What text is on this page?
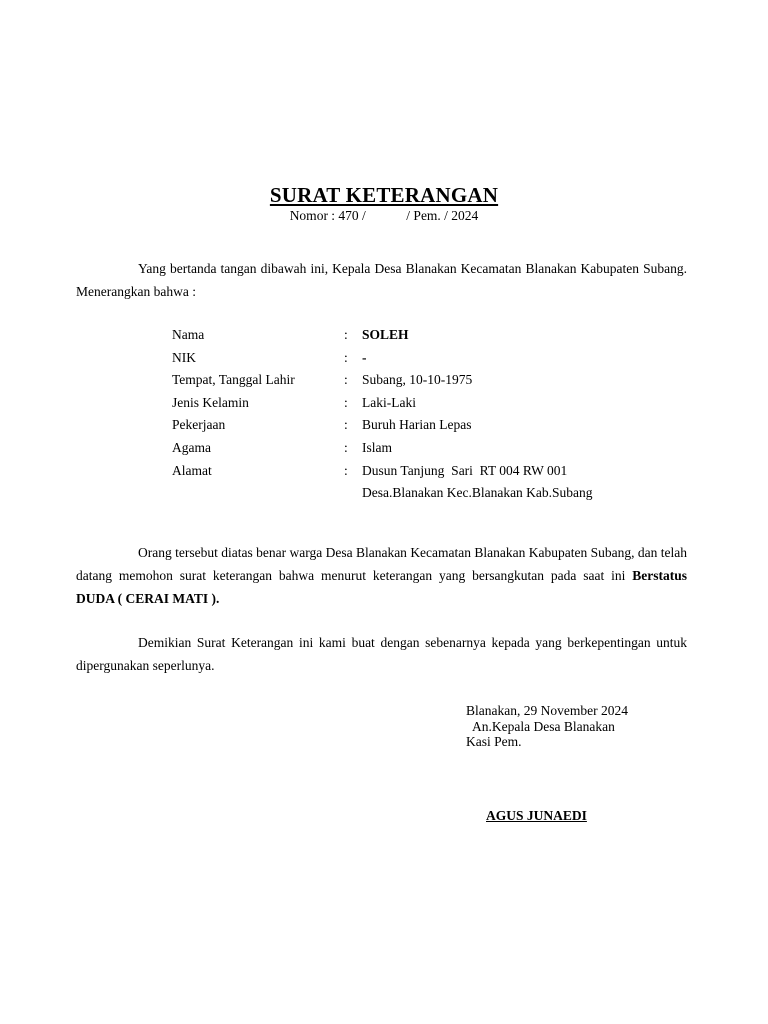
SURAT KETERANGAN
Nomor : 470 /            / Pem. / 2024
Yang bertanda tangan dibawah ini, Kepala Desa Blanakan Kecamatan Blanakan Kabupaten Subang. Menerangkan bahwa :
Nama	: SOLEH
NIK	: -
Tempat, Tanggal Lahir	: Subang, 10-10-1975
Jenis Kelamin	: Laki-Laki
Pekerjaan	: Buruh Harian Lepas
Agama	: Islam
Alamat	: Dusun Tanjung  Sari  RT 004 RW 001
Desa.Blanakan Kec.Blanakan Kab.Subang
Orang tersebut diatas benar warga Desa Blanakan Kecamatan Blanakan Kabupaten Subang, dan telah datang memohon surat keterangan bahwa menurut keterangan yang bersangkutan pada saat ini Berstatus DUDA ( CERAI MATI ).
Demikian Surat Keterangan ini kami buat dengan sebenarnya kepada yang berkepentingan untuk dipergunakan seperlunya.
Blanakan, 29 November 2024
An.Kepala Desa Blanakan
Kasi Pem.
AGUS JUNAEDI
